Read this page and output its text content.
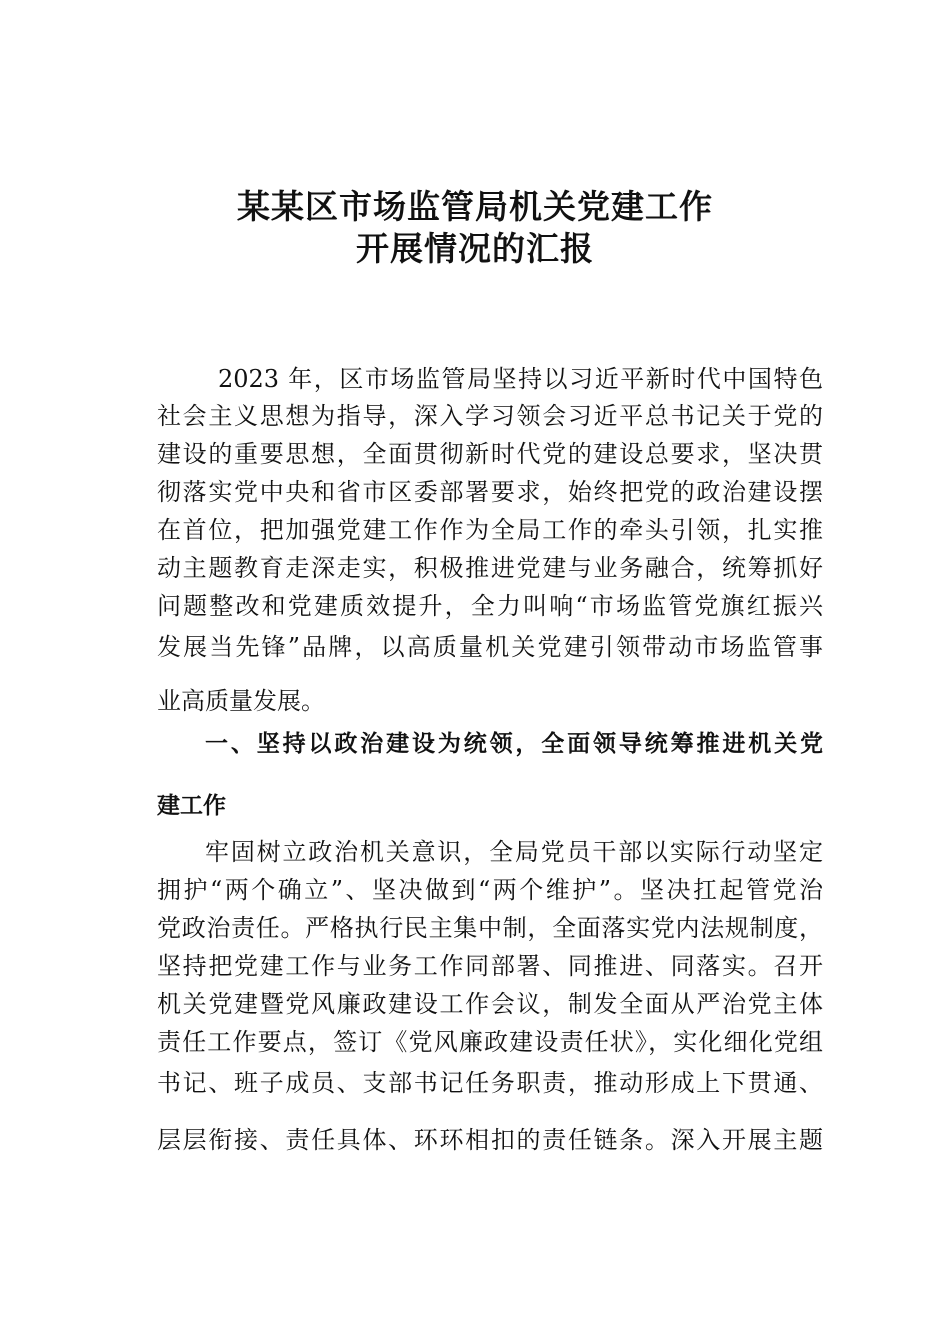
某某区市场监管局机关党建工作
开展情况的汇报

2023 年，区市场监管局坚持以习近平新时代中国特色

社会主义思想为指导，深入学习领会习近平总书记关于党的

建设的重要思想，全面贯彻新时代党的建设总要求，坚决贯

彻落实党中央和省市区委部署要求，始终把党的政治建设摆

在首位，把加强党建工作作为全局工作的牵头引领，扎实推

动主题教育走深走实，积极推进党建与业务融合，统筹抓好

问题整改和党建质效提升，全力叫响“市场监管党旗红振兴

发展当先锋”品牌，以高质量机关党建引领带动市场监管事

业高质量发展。

一、坚持以政治建设为统领，全面领导统筹推进机关党

建工作

牢固树立政治机关意识，全局党员干部以实际行动坚定

拥护“两个确立”、坚决做到“两个维护”。坚决扛起管党治

党政治责任。严格执行民主集中制，全面落实党内法规制度，

坚持把党建工作与业务工作同部署、同推进、同落实。召开

机关党建暨党风廉政建设工作会议，制发全面从严治党主体

责任工作要点，签订《党风廉政建设责任状》，实化细化党组

书记、班子成员、支部书记任务职责，推动形成上下贯通、

层层衔接、责任具体、环环相扣的责任链条。深入开展主题
